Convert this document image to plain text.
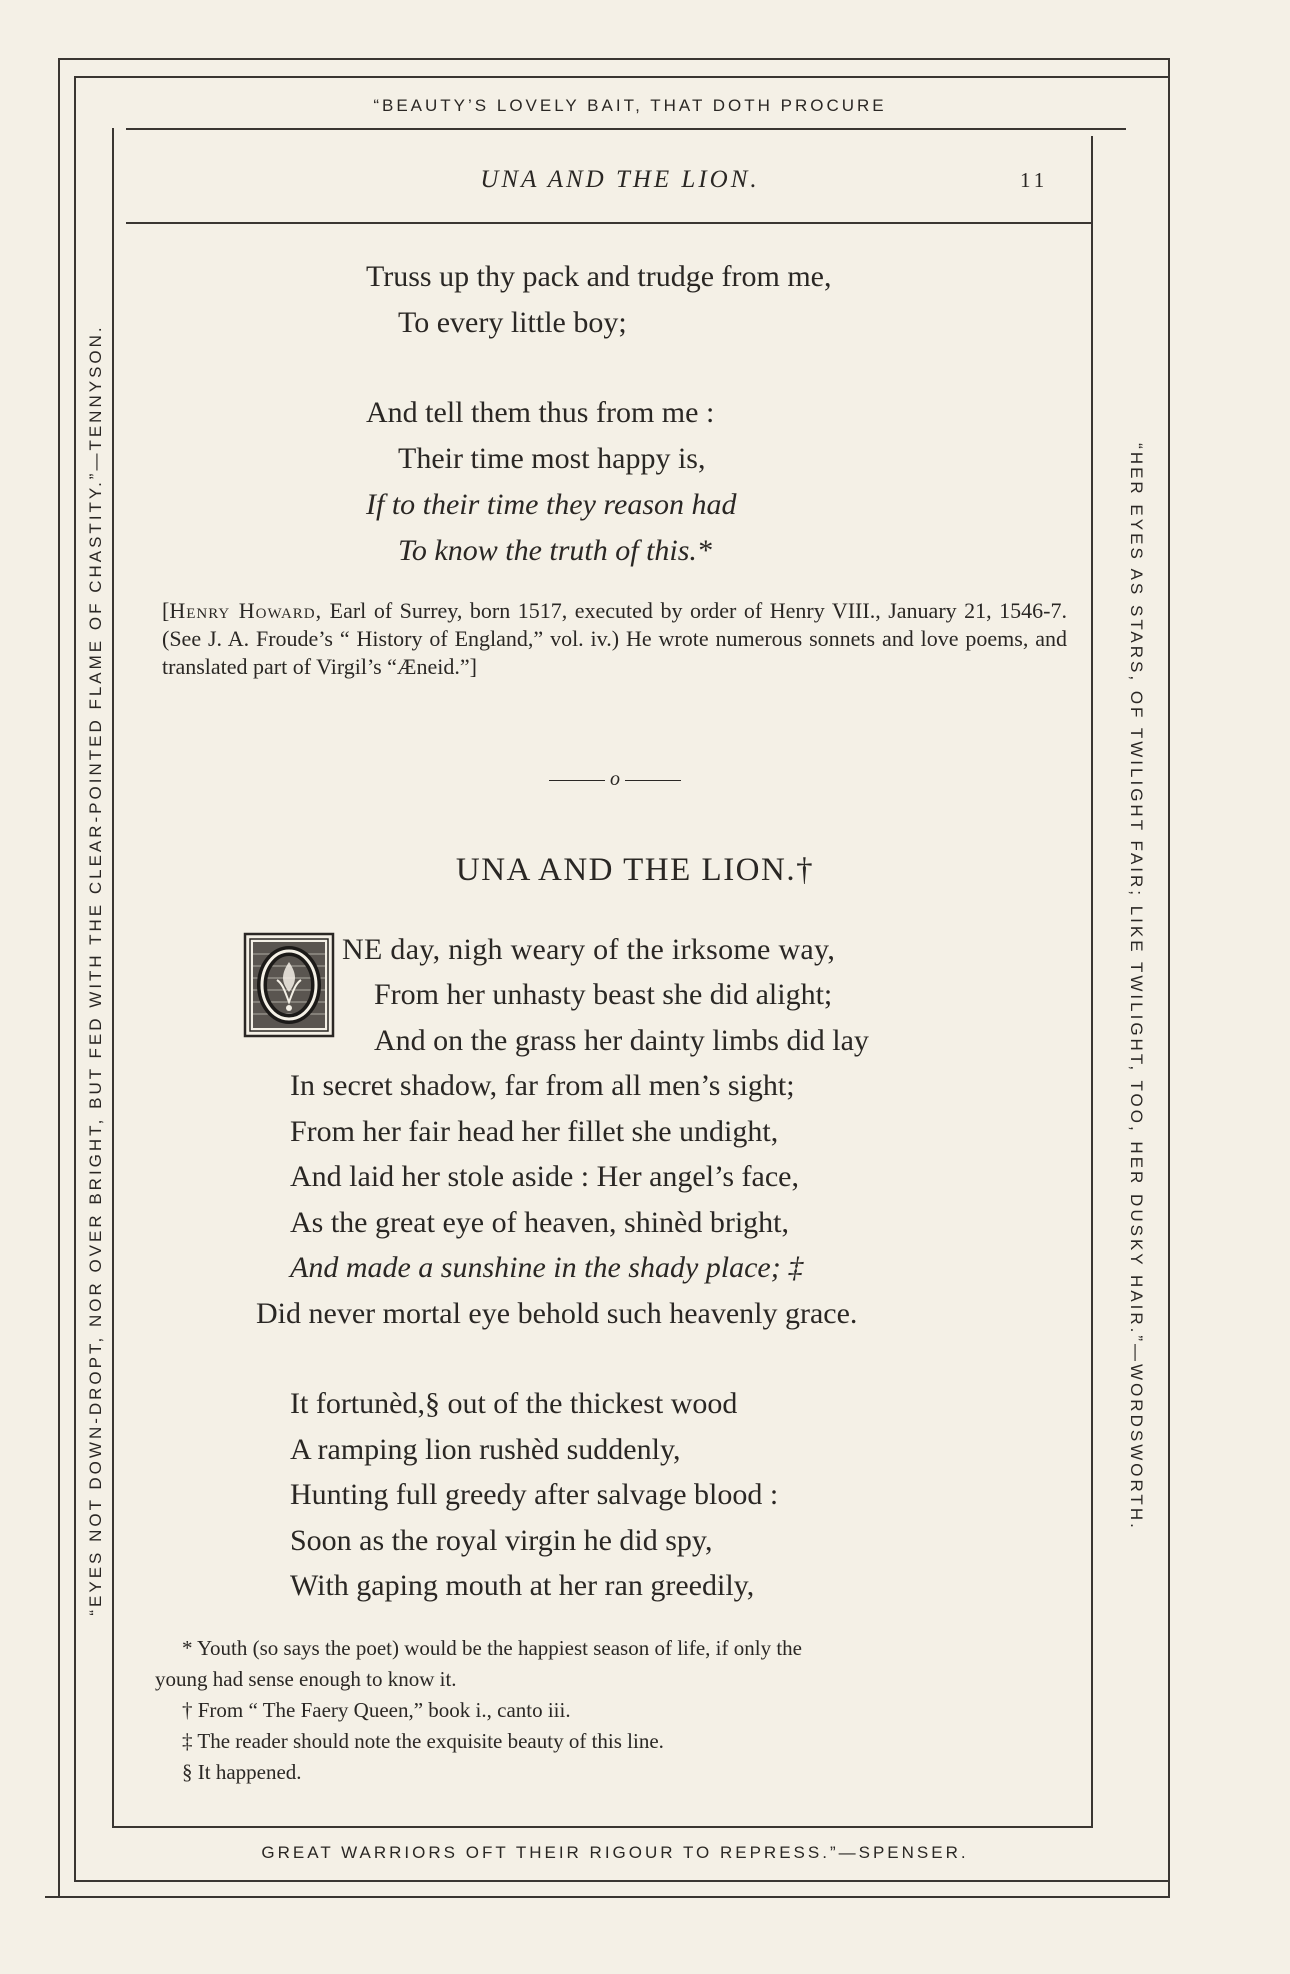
“BEAUTY’S LOVELY BAIT, THAT DOTH PROCURE
GREAT WARRIORS OFT THEIR RIGOUR TO REPRESS.”—SPENSER.
“EYES NOT DOWN-DROPT, NOR OVER BRIGHT, BUT FED WITH THE CLEAR-POINTED FLAME OF CHASTITY.”—TENNYSON.	“HER EYES AS STARS, OF TWILIGHT FAIR; LIKE TWILIGHT, TOO, HER DUSKY HAIR.”—WORDSWORTH.
UNA AND THE LION.	11
Truss up thy pack and trudge from me,
To every little boy;
And tell them thus from me :
Their time most happy is,
If to their time they reason had
To know the truth of this.*
[Henry Howard, Earl of Surrey, born 1517, executed by order of Henry VIII., January 21, 1546-7. (See J. A. Froude’s “ History of England,” vol. iv.) He wrote numerous sonnets and love poems, and translated part of Virgil’s “Æneid.”]
o
UNA AND THE LION.†
NE day, nigh weary of the irksome way,
From her unhasty beast she did alight;
And on the grass her dainty limbs did lay
In secret shadow, far from all men’s sight;
From her fair head her fillet she undight,
And laid her stole aside : Her angel’s face,
As the great eye of heaven, shinèd bright,
And made a sunshine in the shady place; ‡
Did never mortal eye behold such heavenly grace.
It fortunèd,§ out of the thickest wood
A ramping lion rushèd suddenly,
Hunting full greedy after salvage blood :
Soon as the royal virgin he did spy,
With gaping mouth at her ran greedily,
* Youth (so says the poet) would be the happiest season of life, if only the
young had sense enough to know it.
† From “ The Faery Queen,” book i., canto iii.
‡ The reader should note the exquisite beauty of this line.
§ It happened.
